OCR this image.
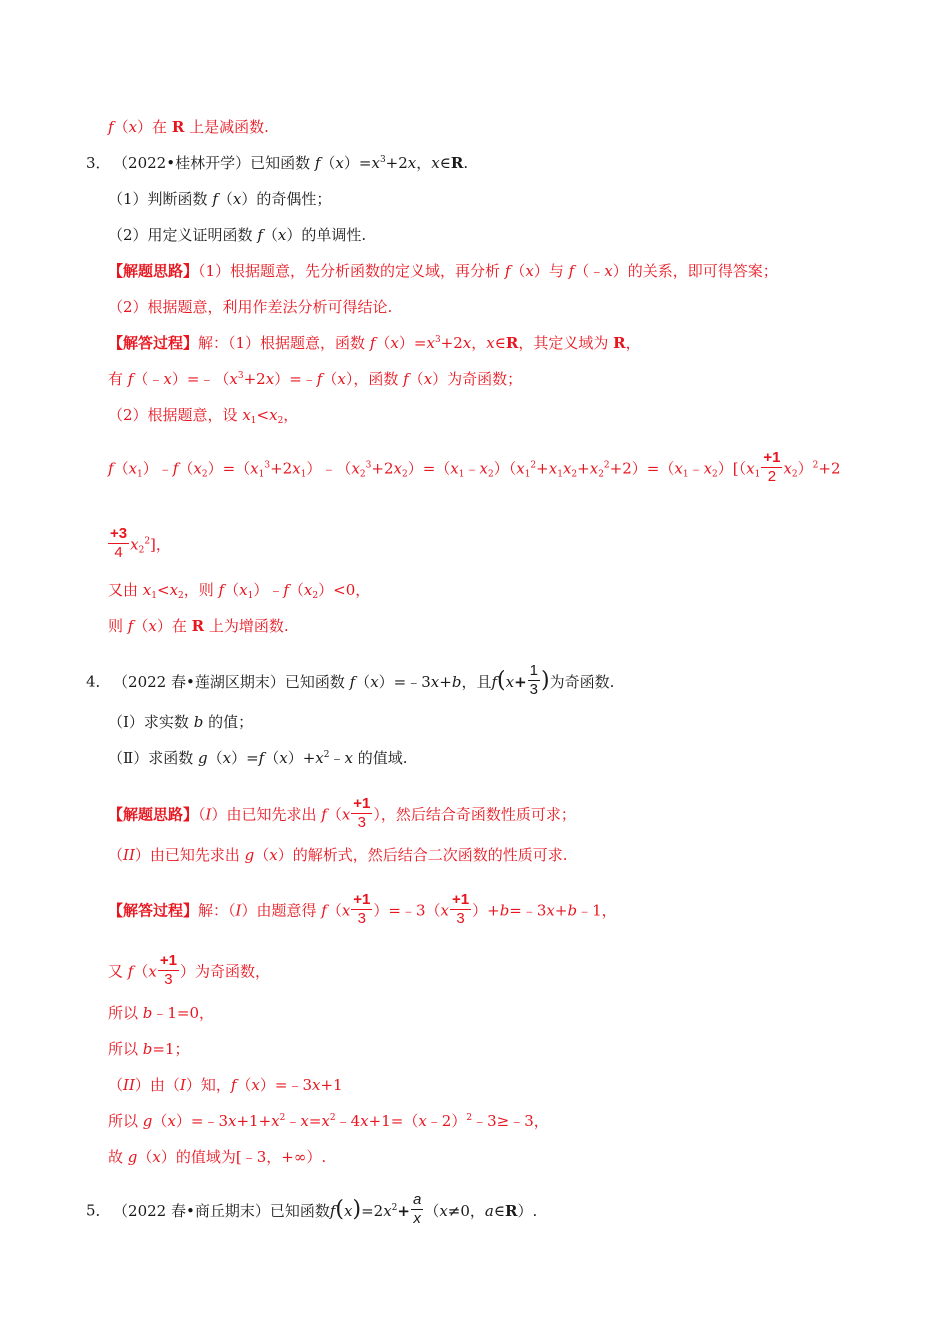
f（x）在 R 上是减函数.
3． （2022•桂林开学）已知函数 $f(x)=x^3+2x$，x∈R.
（1）判断函数 f（x）的奇偶性；
（2）用定义证明函数 f（x）的单调性.
【解题思路】（1）根据题意，先分析函数的定义域，再分析 f（x）与 f（﹣x）的关系，即可得答案；
（2）根据题意，利用作差法分析可得结论.
【解答过程】解：（1）根据题意，函数 $f(x)=x^3+2x$，x∈R，其定义域为 R，
有 $f(﹣x)=﹣(x^3+2x)=﹣f(x)$，函数 f（x）为奇函数；
（2）根据题意，设 $x_1<x_2$，
$f(x_1)﹣f(x_2)=(x_1^3+2x_1)﹣(x_2^3+2x_2)=(x_1﹣x_2)(x_1^2+x_1x_2+x_2^2+2)=(x_1﹣x_2)[(x_1 \frac{+1}{2} x_2)^2+2$
$\frac{+3}{4} x_2^2$]，
又由 $x_1<x_2$，则 $f(x_1)﹣f(x_2)<0$，
则 f（x）在 R 上为增函数.
4． （2022 春•莲湖区期末）已知函数 f（x）=﹣3x+b，且$f(x+ \frac{1}{3}$ )为奇函数.
（Ⅰ）求实数 b 的值；
（Ⅱ）求函数 $g(x)=f(x)+x^2﹣x$ 的值域.
【解题思路】（I）由已知先求出 $f(x \frac{+1}{3}$ ），然后结合奇函数性质可求；
（II）由已知先求出 g（x）的解析式，然后结合二次函数的性质可求.
【解答过程】解：（I）由题意得 $f(x \frac{+1}{3}$ ）=﹣3（x $\frac{+1}{3}$ ）+b=﹣3x+b﹣1，
又 $f(x \frac{+1}{3}$ ）为奇函数，
所以 b﹣1=0，
所以 b=1；
（II）由（I）知，f（x）=﹣3x+1
所以 $g(x)=﹣3x+1+x^2﹣x=x^2﹣4x+1=(x﹣2)^2﹣3\ge﹣3$，
故 g（x）的值域为[﹣3，+∞）.
5． （2022 春•商丘期末）已知函数$f(x)=2x^2+ \frac{a}{x} (x\ne 0$，a∈R）.
